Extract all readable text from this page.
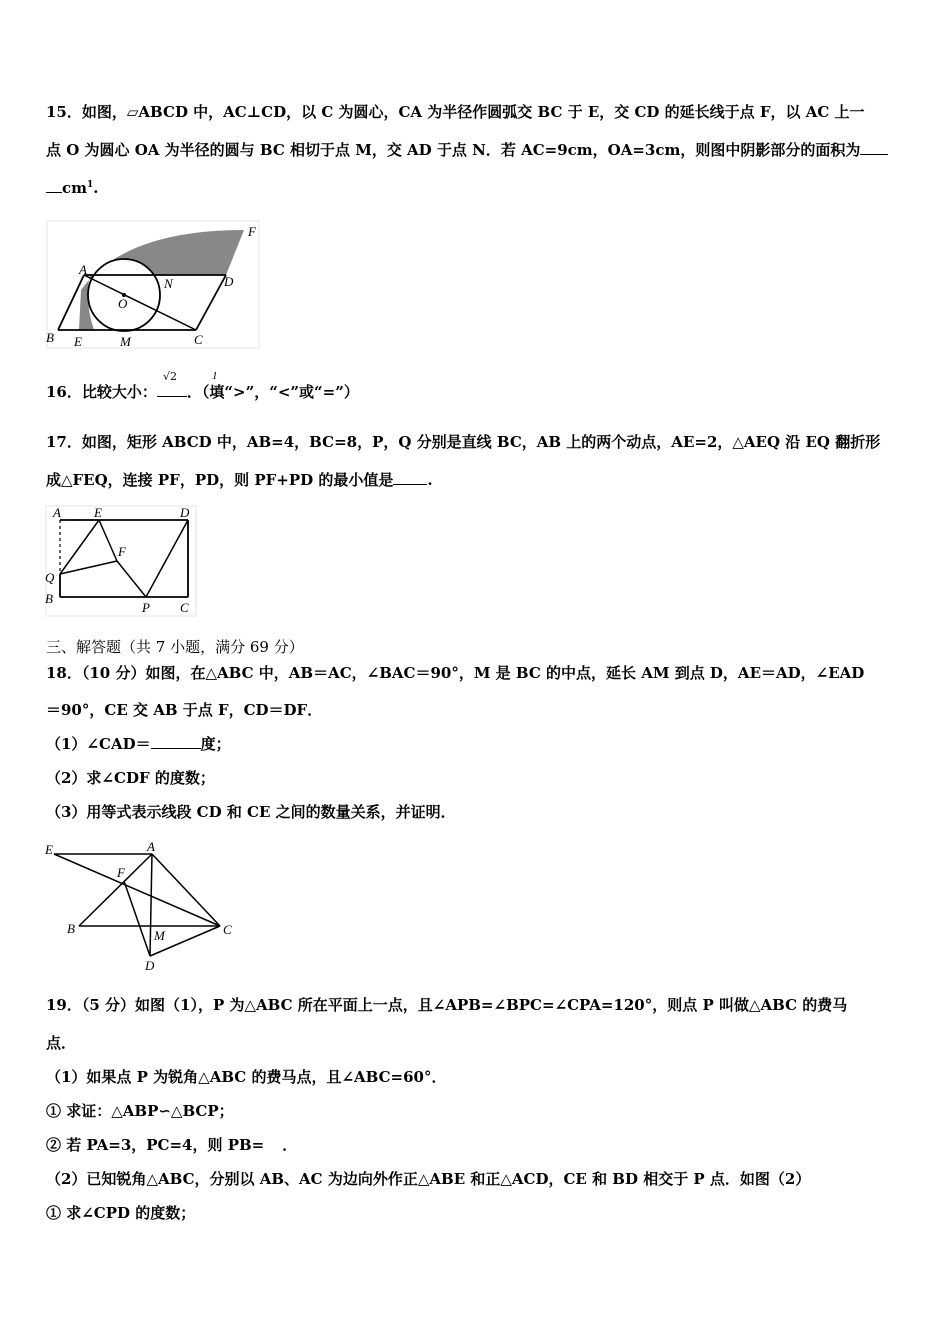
15．如图，▱ABCD 中，AC⊥CD，以 C 为圆心，CA 为半径作圆弧交 BC 于 E，交 CD 的延长线于点 F，以 AC 上一
点 O 为圆心 OA 为半径的圆与 BC 相切于点 M，交 AD 于点 N．若 AC=9cm，OA=3cm，则图中阴影部分的面积为
$cm^1$.
A
B	C
D
E
F
M
N
O
16．比较大小： ．（填“>”，“<”或“=”）
√2	1
17．如图，矩形 ABCD 中，AB=4，BC=8，P，Q 分别是直线 BC，AB 上的两个动点，AE=2，△AEQ 沿 EQ 翻折形
成△FEQ，连接 PF，PD，则 PF+PD 的最小值是 .
A	E	D
F
Q
B
P C
三、解答题（共 7 小题，满分 69 分）
18．（10 分）如图，在△ABC 中，AB＝AC，∠BAC＝90°，M 是 BC 的中点，延长 AM 到点 D，AE＝AD，∠EAD
＝90°，CE 交 AB 于点 F，CD＝DF．
（1）∠CAD＝	度；
（2）求∠CDF 的度数；
（3）用等式表示线段 CD 和 CE 之间的数量关系，并证明．
E	A
F
B	C
M
D
19．（5 分）如图（1），P 为△ABC 所在平面上一点，且∠APB=∠BPC=∠CPA=120°，则点 P 叫做△ABC 的费马
点．
（1）如果点 P 为锐角△ABC 的费马点，且∠ABC=60°．
① 求证：△ABP∽△BCP；
② 若 PA=3，PC=4，则 PB= ．
（2）已知锐角△ABC，分别以 AB、AC 为边向外作正△ABE 和正△ACD，CE 和 BD 相交于 P 点．如图（2）
① 求∠CPD 的度数；
